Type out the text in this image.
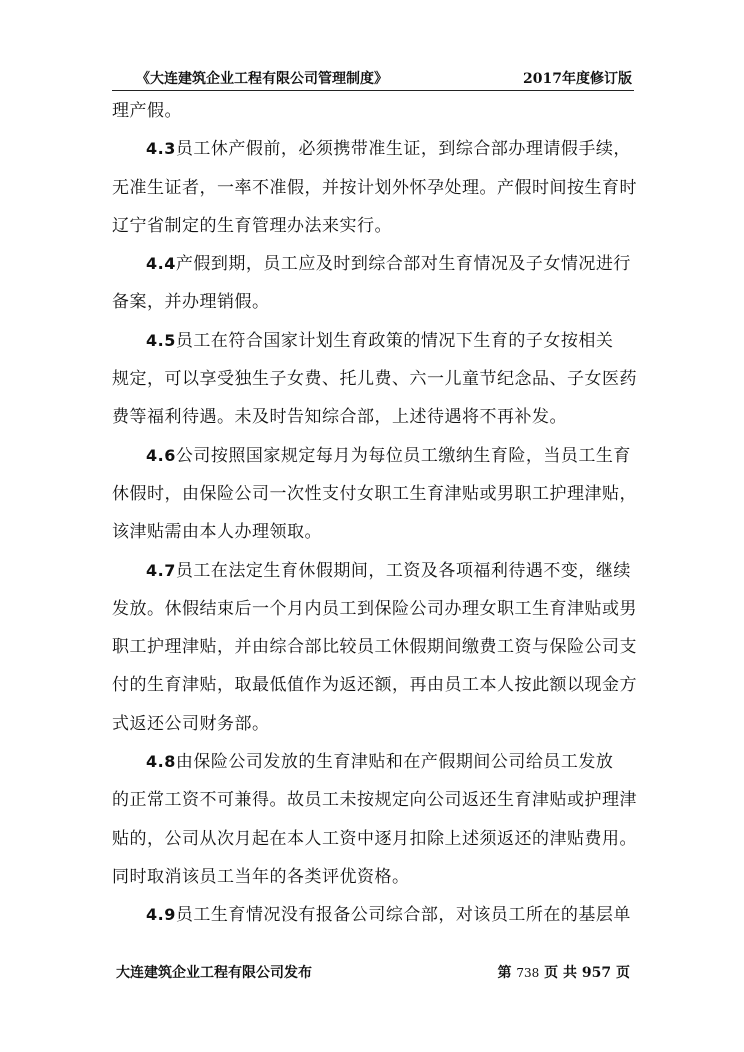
《大连建筑企业工程有限公司管理制度》	2017年度修订版
理产假。
4.3员工休产假前，必须携带准生证，到综合部办理请假手续，
无准生证者，一率不准假，并按计划外怀孕处理。产假时间按生育时
辽宁省制定的生育管理办法来实行。
4.4产假到期，员工应及时到综合部对生育情况及子女情况进行
备案，并办理销假。
4.5员工在符合国家计划生育政策的情况下生育的子女按相关
规定，可以享受独生子女费、托儿费、六一儿童节纪念品、子女医药
费等福利待遇。未及时告知综合部，上述待遇将不再补发。
4.6公司按照国家规定每月为每位员工缴纳生育险，当员工生育
休假时，由保险公司一次性支付女职工生育津贴或男职工护理津贴，
该津贴需由本人办理领取。
4.7员工在法定生育休假期间，工资及各项福利待遇不变，继续
发放。休假结束后一个月内员工到保险公司办理女职工生育津贴或男
职工护理津贴，并由综合部比较员工休假期间缴费工资与保险公司支
付的生育津贴，取最低值作为返还额，再由员工本人按此额以现金方
式返还公司财务部。
4.8由保险公司发放的生育津贴和在产假期间公司给员工发放
的正常工资不可兼得。故员工未按规定向公司返还生育津贴或护理津
贴的，公司从次月起在本人工资中逐月扣除上述须返还的津贴费用。
同时取消该员工当年的各类评优资格。
4.9员工生育情况没有报备公司综合部，对该员工所在的基层单
大连建筑企业工程有限公司发布	第 738 页 共 957 页
